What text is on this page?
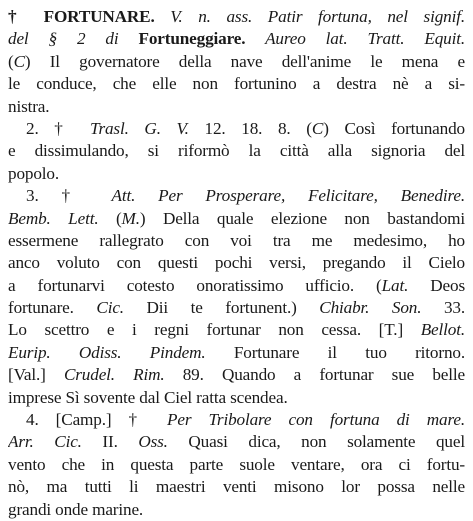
† FORTUNARE. V. n. ass. Patir fortuna, nel signif.
del § 2 di Fortuneggiare. Aureo lat. Tratt. Equit.
(C) Il governatore della nave dell'anime le mena e
le conduce, che elle non fortunino a destra nè a si-
nistra.
2. † Trasl. G. V. 12. 18. 8. (C) Così fortunando
e dissimulando, si riformò la città alla signoria del
popolo.
3. † Att. Per Prosperare, Felicitare, Benedire.
Bemb. Lett. (M.) Della quale elezione non bastandomi
essermene rallegrato con voi tra me medesimo, ho
anco voluto con questi pochi versi, pregando il Cielo
a fortunarvi cotesto onoratissimo ufficio. (Lat. Deos
fortunare. Cic. Dii te fortunent.) Chiabr. Son. 33.
Lo scettro e i regni fortunar non cessa. [T.] Bellot.
Eurip. Odiss. Pindem. Fortunare il tuo ritorno.
[Val.] Crudel. Rim. 89. Quando a fortunar sue belle
imprese Sì sovente dal Ciel ratta scendea.
4. [Camp.] † Per Tribolare con fortuna di mare.
Arr. Cic. II. Oss. Quasi dica, non solamente quel
vento che in questa parte suole ventare, ora ci fortu-
nò, ma tutti li maestri venti misono lor possa nelle
grandi onde marine.
